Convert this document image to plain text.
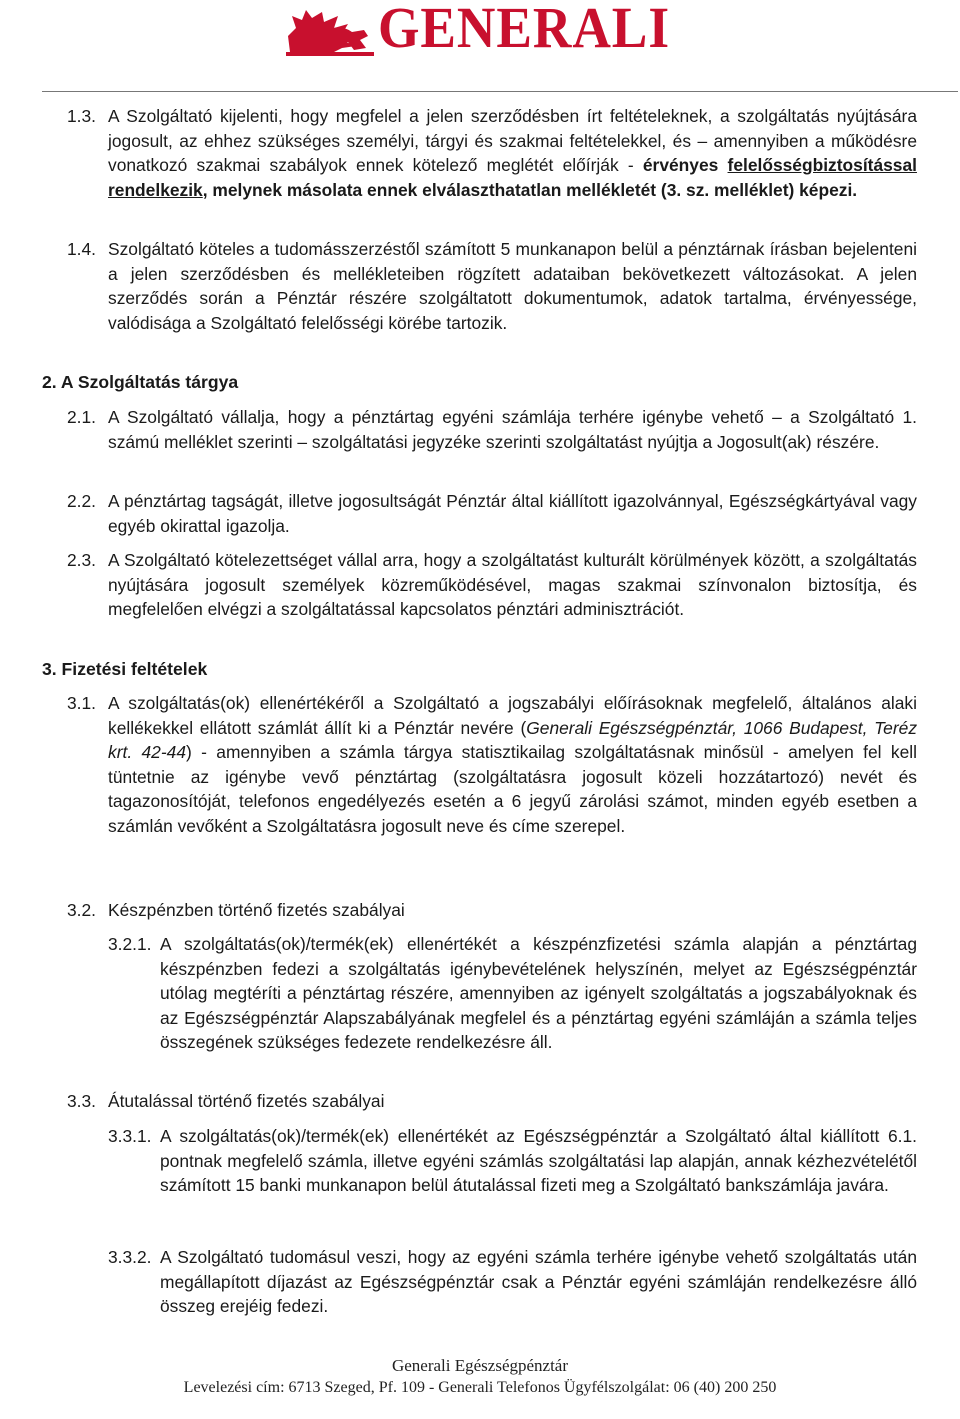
GENERALI
1.3. A Szolgáltató kijelenti, hogy megfelel a jelen szerződésben írt feltételeknek, a szolgáltatás nyújtására jogosult, az ehhez szükséges személyi, tárgyi és szakmai feltételekkel, és – amennyiben a működésre vonatkozó szakmai szabályok ennek kötelező meglétét előírják - érvényes felelősségbiztosítással rendelkezik, melynek másolata ennek elválaszthatatlan mellékletét (3. sz. melléklet) képezi.
1.4. Szolgáltató köteles a tudomásszerzéstől számított 5 munkanapon belül a pénztárnak írásban bejelenteni a jelen szerződésben és mellékleteiben rögzített adataiban bekövetkezett változásokat. A jelen szerződés során a Pénztár részére szolgáltatott dokumentumok, adatok tartalma, érvényessége, valódisága a Szolgáltató felelősségi körébe tartozik.
2. A Szolgáltatás tárgya
2.1. A Szolgáltató vállalja, hogy a pénztártag egyéni számlája terhére igénybe vehető – a Szolgáltató 1. számú melléklet szerinti – szolgáltatási jegyzéke szerinti szolgáltatást nyújtja a Jogosult(ak) részére.
2.2. A pénztártag tagságát, illetve jogosultságát Pénztár által kiállított igazolvánnyal, Egészségkártyával vagy egyéb okirattal igazolja.
2.3. A Szolgáltató kötelezettséget vállal arra, hogy a szolgáltatást kulturált körülmények között, a szolgáltatás nyújtására jogosult személyek közreműködésével, magas szakmai színvonalon biztosítja, és megfelelően elvégzi a szolgáltatással kapcsolatos pénztári adminisztrációt.
3. Fizetési feltételek
3.1. A szolgáltatás(ok) ellenértékéről a Szolgáltató a jogszabályi előírásoknak megfelelő, általános alaki kellékekkel ellátott számlát állít ki a Pénztár nevére (Generali Egészségpénztár, 1066 Budapest, Teréz krt. 42-44) - amennyiben a számla tárgya statisztikailag szolgáltatásnak minősül - amelyen fel kell tüntetnie az igénybe vevő pénztártag (szolgáltatásra jogosult közeli hozzátartozó) nevét és tagazonosítóját, telefonos engedélyezés esetén a 6 jegyű zárolási számot, minden egyéb esetben a számlán vevőként a Szolgáltatásra jogosult neve és címe szerepel.
3.2. Készpénzben történő fizetés szabályai
3.2.1. A szolgáltatás(ok)/termék(ek) ellenértékét a készpénzfizetési számla alapján a pénztártag készpénzben fedezi a szolgáltatás igénybevételének helyszínén, melyet az Egészségpénztár utólag megtéríti a pénztártag részére, amennyiben az igényelt szolgáltatás a jogszabályoknak és az Egészségpénztár Alapszabályának megfelel és a pénztártag egyéni számláján a számla teljes összegének szükséges fedezete rendelkezésre áll.
3.3. Átutalással történő fizetés szabályai
3.3.1. A szolgáltatás(ok)/termék(ek) ellenértékét az Egészségpénztár a Szolgáltató által kiállított 6.1. pontnak megfelelő számla, illetve egyéni számlás szolgáltatási lap alapján, annak kézhezvételétől számított 15 banki munkanapon belül átutalással fizeti meg a Szolgáltató bankszámlája javára.
3.3.2. A Szolgáltató tudomásul veszi, hogy az egyéni számla terhére igénybe vehető szolgáltatás után megállapított díjazást az Egészségpénztár csak a Pénztár egyéni számláján rendelkezésre álló összeg erejéig fedezi.
Generali Egészségpénztár
Levelezési cím: 6713 Szeged, Pf. 109 - Generali Telefonos Ügyfélszolgálat: 06 (40) 200 250
